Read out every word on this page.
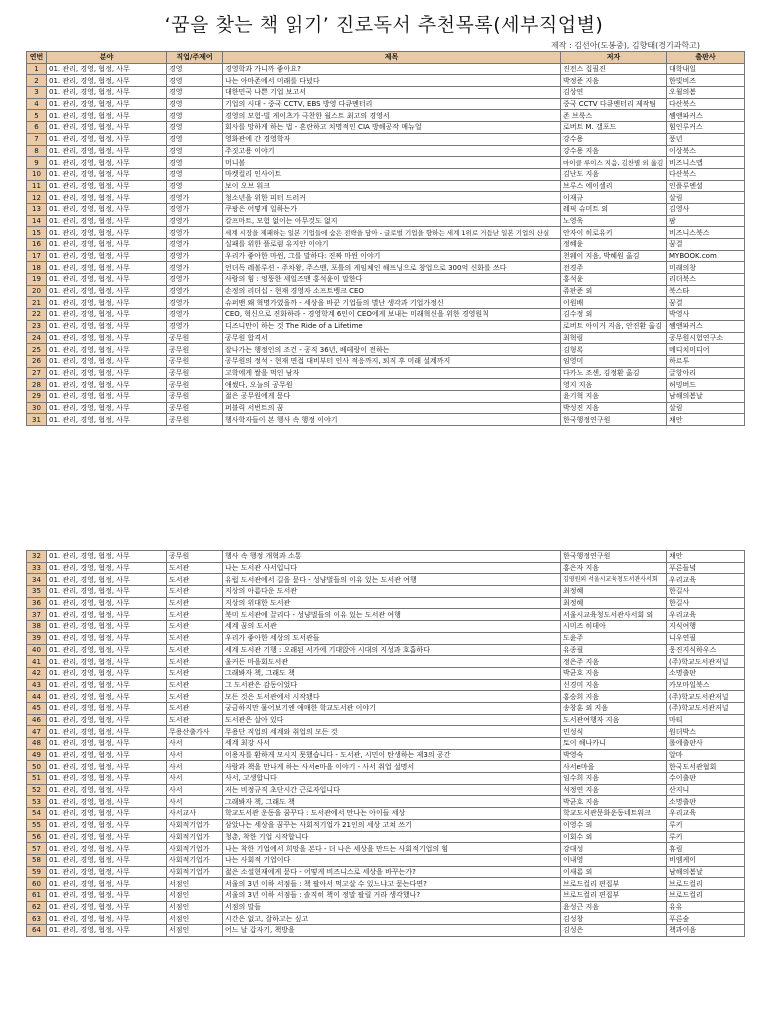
‘꿈을 찾는 책 읽기’ 진로독서 추천목록(세부직업별)
제작 : 김선아(도봉중), 김향태(경기과학고)
연번	분야	직업/주제어	제목	저자	출판사
1	01. 관리, 경영, 협정, 사무	경영	경영학과 가니까 좋아요?	진전스 집필진	대학내일
2	01. 관리, 경영, 협정, 사무	경영	나는 아마존에서 미래를 다녔다	박정준 지음	한빛비즈
3	01. 관리, 경영, 협정, 사무	경영	대한민국 나쁜 기업 보고서	김상연	오월의봄
4	01. 관리, 경영, 협정, 사무	경영	기업의 시대 - 중국 CCTV, EBS 방영 다큐멘터리	중국 CCTV 다큐멘터리 제작팀	다산북스
5	01. 관리, 경영, 협정, 사무	경영	경영의 모험-빌 게이츠가 극찬한 월스트 최고의 경영서	존 브룩스	쌤앤파커스
6	01. 관리, 경영, 협정, 사무	경영	회사를 망하게 하는 법 - 혼란하고 치명적인 CIA 방해공작 매뉴얼	로버트 M. 갤포드	힘인루커스
7	01. 관리, 경영, 협정, 사무	경영	영화관에 간 경영학자	강수용	풍년
8	01. 관리, 경영, 협정, 사무	경영	주짓고용 이야기	강수용 지음	이상북스
9	01. 관리, 경영, 협정, 사무	경영	머니볼	마이클 루이스 지음, 김찬별 외 옮김	비즈니스맵
10	01. 관리, 경영, 협정, 사무	경영	마켓컬리 인사이트	김난도 지음	다산북스
11	01. 관리, 경영, 협정, 사무	경영	보이 오브 워크	브루스 에이셀리	인플루엔셜
12	01. 관리, 경영, 협정, 사무	경영가	청소년을 위한 피터 드러커	이재규	살림
13	01. 관리, 경영, 협정, 사무	경영가	쿠팡은 어떻게 일하는가	레픽 슈미트 외	김영사
14	01. 관리, 경영, 협정, 사무	경영가	칼프마트, 모험 없이는 아무것도 없지	노영욱	팜
15	01. 관리, 경영, 협정, 사무	경영가	세계 시장을 제패하는 일본 기업들에 숨은 전략을 담아 - 글로벌 기업을 향하는 세계 1위로 거듭난 일본 기업의 산실	안자이 히로유키	비즈니스북스
16	01. 관리, 경영, 협정, 사무	경영가	실패를 위한 플로럼 유지안 이야기	정혜윤	꿈결
17	01. 관리, 경영, 협정, 사무	경영가	우리가 좋아한 마윈, 그를 말하다: 진짜 마윈 이야기	천웨이 지음, 박혜원 옮김	MYBOOK.com
18	01. 관리, 경영, 협정, 사무	경영가	언더독 레볼루션 - 주차왕, 주스맨, 포틀의 게임체인 해프닝으로 창업으로 300억 신화를 쓰다	전경주	미래의창
19	01. 관리, 경영, 협정, 사무	경영가	사람의 힘 : 엉뚱한 세일즈맨 홍석윤이 말한다	홍석윤	리더북스
20	01. 관리, 경영, 협정, 사무	경영가	손정의 리더십 - 현재 경영자 소프트뱅크 CEO	쥬판준 외	북스타
21	01. 관리, 경영, 협정, 사무	경영가	슈퍼맨 왜 혁명가였을까 - 세상을 바꾼 기업들의 별난 생각과 기업가정신	이원배	꿈결
22	01. 관리, 경영, 협정, 사무	경영가	CEO, 혁신으로 진화하라 - 경영학계 6인이 CEO에게 보내는 미래혁신을 위한 경영원칙	김수정 외	박영사
23	01. 관리, 경영, 협정, 사무	경영가	디즈니만이 하는 것 The Ride of a Lifetime	로버트 아이거 지음, 안진환 옮김	쌤앤파커스
24	01. 관리, 경영, 협정, 사무	공무원	공무원 합격서	최혁림	공무원시험연구소
25	01. 관리, 경영, 협정, 사무	공무원	잘나가는 행정인의 조건 - 공직 36년, 베테랑이 전하는	김형록	메디치미디어
26	01. 관리, 경영, 협정, 사무	공무원	공무원의 정석 - 현재 면접 대비부터 인사 적응까지, 퇴직 후 미래 설계까지	임영미	하르투
27	01. 관리, 경영, 협정, 사무	공무원	고학에게 쌀을 먹인 남자	다카노 조센, 김정환 옮김	글항아리
28	01. 관리, 경영, 협정, 사무	공무원	애썼다, 오늘의 공무원	영지 지음	허밍버드
29	01. 관리, 경영, 협정, 사무	공무원	젊은 공무원에게 묻다	윤기혁 지음	남해의봄날
30	01. 관리, 경영, 협정, 사무	공무원	퍼블릭 서번트의 꿈	박성진 지음	살림
31	01. 관리, 경영, 협정, 사무	공무원	행사학자들이 본 행사 속 행정 이야기	한국행정연구원	채안
32	01. 관리, 경영, 협정, 사무	공무원	행사 속 행정 개혁과 소통	한국행정연구원	채안
33	01. 관리, 경영, 협정, 사무	도서관	나는 도서관 사서입니다	홍은자 지음	푸른들녘
34	01. 관리, 경영, 협정, 사무	도서관	유럽 도서관에서 길을 묻다 - 성냥벌들의 이유 있는 도서관 여행	김영원외 서울시교육청도서관사서회	우리교육
35	01. 관리, 경영, 협정, 사무	도서관	지상의 아름다운 도서관	최정혜	한길사
36	01. 관리, 경영, 협정, 사무	도서관	지상의 위대한 도서관	최정혜	한길사
37	01. 관리, 경영, 협정, 사무	도서관	북미 도서관에 끌리다 - 성냥벌들의 이유 있는 도서관 여행	서울시교육청도서관사서회 외	우리교육
38	01. 관리, 경영, 협정, 사무	도서관	세계 꿈의 도서관	시미즈 히데아	지식여행
39	01. 관리, 경영, 협정, 사무	도서관	우리가 좋아한 세상의 도서관들	도윤주	니우연필
40	01. 관리, 경영, 협정, 사무	도서관	세계 도서관 기행 : 오래된 서가에 기대앉아 시대의 지성과 호흡하다	유종필	웅진지식하우스
41	01. 관리, 경영, 협정, 사무	도서관	울커든 마을회도서관	정은주 지음	(주)학교도서관저널
42	01. 관리, 경영, 협정, 사무	도서관	그래봐자 책, 그래도 책	박균호 지음	소명출판
43	01. 관리, 경영, 협정, 사무	도서관	그 도서관은 감동이었다	신경미 지음	카모마일북스
44	01. 관리, 경영, 협정, 사무	도서관	모든 것은 도서관에서 시작됐다	홍승희 지음	(주)학교도서관저널
45	01. 관리, 경영, 협정, 사무	도서관	궁금하지만 물어보기엔 애매한 학교도서관 이야기	송창훈 외 지음	(주)학교도서관저널
46	01. 관리, 경영, 협정, 사무	도서관	도서관은 살아 있다	도서관여행자 지음	마티
47	01. 관리, 경영, 협정, 사무	무용산출가사	무용단 직업의 세계와 취업의 모든 것	민성식	원더박스
48	01. 관리, 경영, 협정, 사무	사서	세계 최강 사서	토이 해나카니	롤에출판사
49	01. 관리, 경영, 협정, 사무	사서	이용자를 환하게 모시지 못했습니다 - 도서관, 시민이 탄생하는 제3의 공간	박영숙	알마
50	01. 관리, 경영, 협정, 사무	사서	사람과 책을 만나게 하는 사서e마을 이야기 - 사서 취업 설명서	사서e마을	한국도서관협회
51	01. 관리, 경영, 협정, 사무	사서	사서, 고생합니다	임수희 지음	수이출판
52	01. 관리, 경영, 협정, 사무	사서	저는 비정규직 초단시간 근로자입니다	석정연 지음	산지니
53	01. 관리, 경영, 협정, 사무	사서	그래봐자 책, 그래도 책	박균호 지음	소명출판
54	01. 관리, 경영, 협정, 사무	사서교사	학교도서관 운동을 꿈꾸다 : 도서관에서 만나는 아이들 세상	학교도서관문화운동네트워크	우리교육
55	01. 관리, 경영, 협정, 사무	사회적기업가	삼았나는 세상을 꿈꾸는 사회적기업가 21인의 세상 고쳐 쓰기	이영수 외	루키
56	01. 관리, 경영, 협정, 사무	사회적기업가	청춘, 착한 기업 시작합니다	이회수 외	루키
57	01. 관리, 경영, 협정, 사무	사회적기업가	나는 착한 기업에서 희망을 본다 - 더 나은 세상을 만드는 사회적기업의 힘	강대성	휴림
58	01. 관리, 경영, 협정, 사무	사회적기업가	나는 사회적 기업이다	이내영	비엠케이
59	01. 관리, 경영, 협정, 사무	사회적기업가	젊은 소셜현재에게 묻다 - 어떻게 비즈니스로 세상을 바꾸는가?	이새롬 외	남해의봄날
60	01. 관리, 경영, 협정, 사무	서점인	서울의 3년 이하 서점들 : 책 팔아서 먹고살 수 있느냐고 묻는다면?	브로드컬리 편집부	브로드컬리
61	01. 관리, 경영, 협정, 사무	서점인	서울의 3년 이하 서점들 : 솔직히 책이 정말 팔릴 거라 생각했나?	브로드컬리 편집부	브로드컬리
62	01. 관리, 경영, 협정, 사무	서점인	서점의 말들	윤성근 지음	유유
63	01. 관리, 경영, 협정, 사무	서점인	시간은 없고, 잘하고는 싶고	김성창	푸른숲
64	01. 관리, 경영, 협정, 사무	서점인	어느 날 갑자기, 책방을	김성은	책과이음
